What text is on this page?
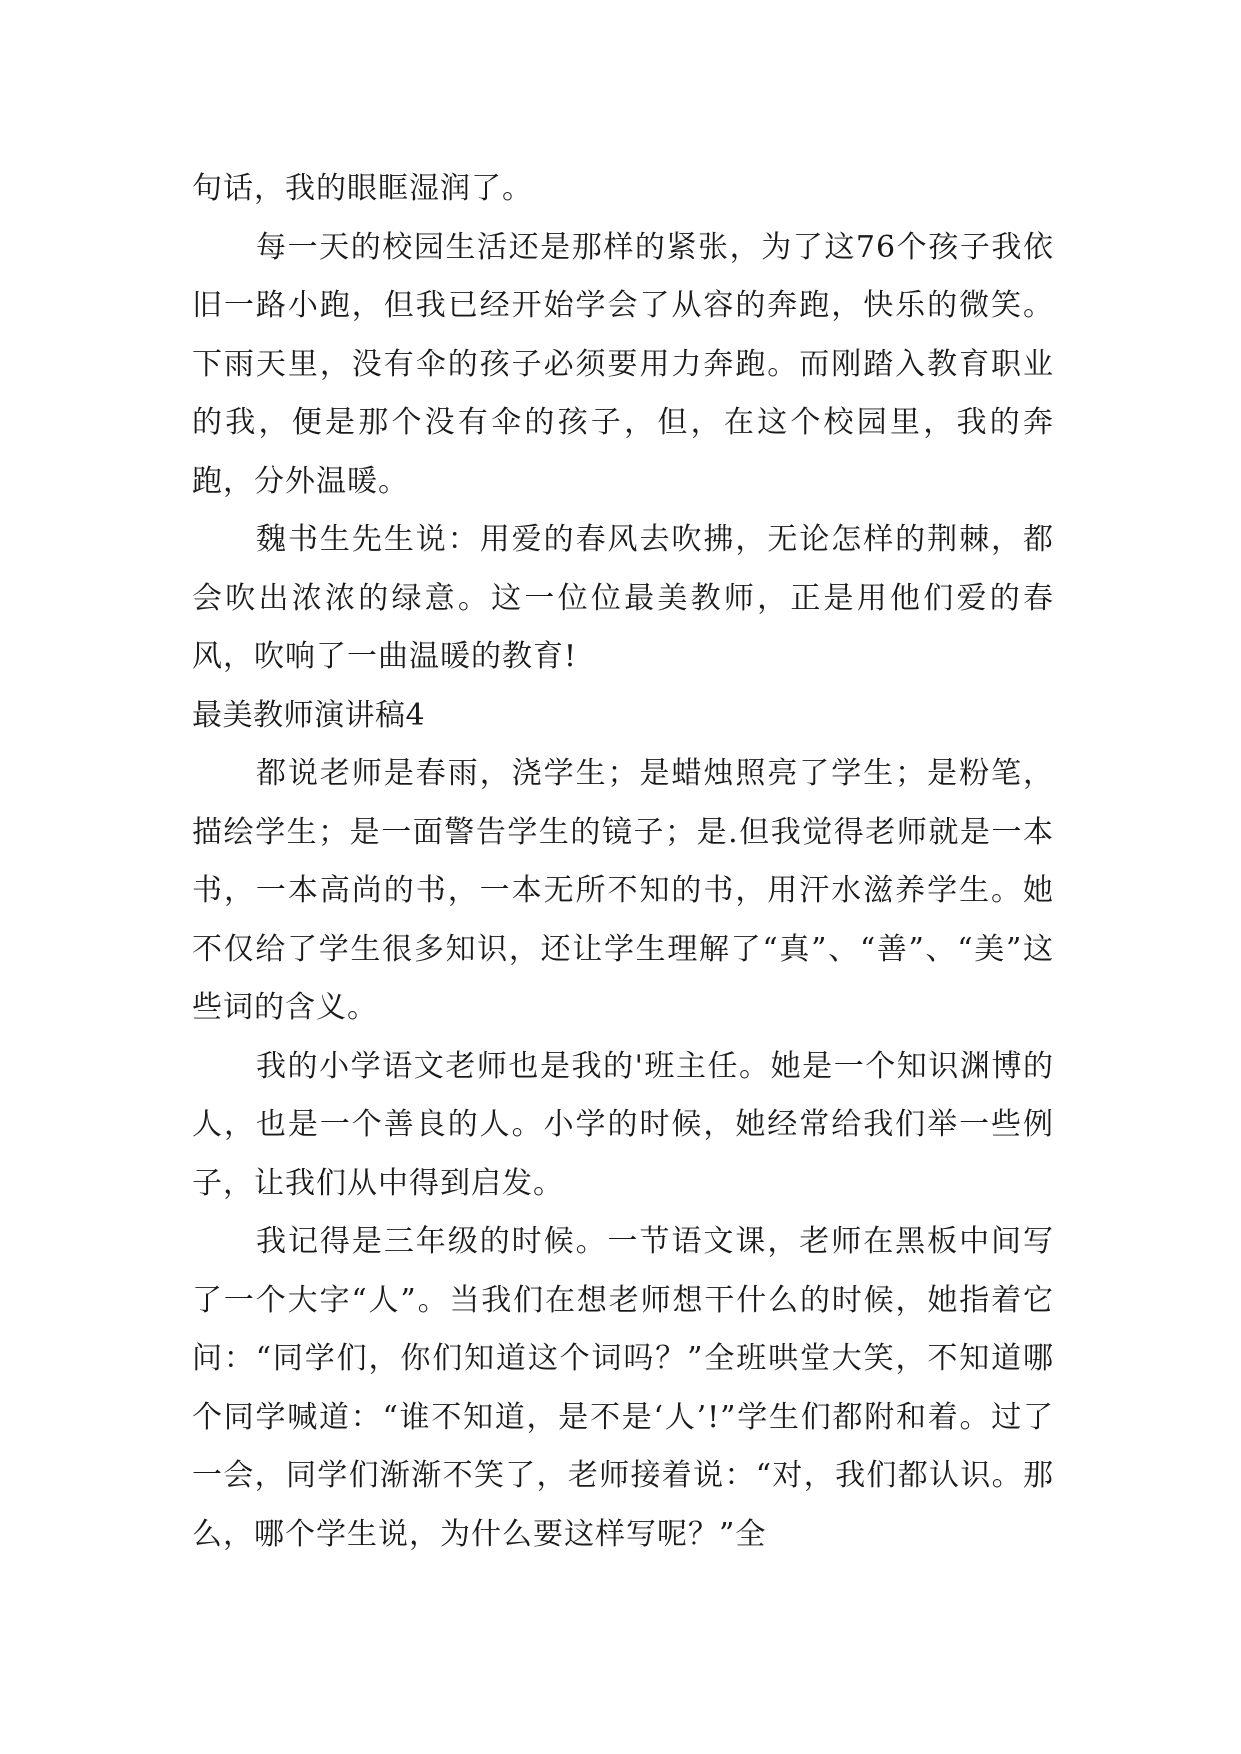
句话，我的眼眶湿润了。

每一天的校园生活还是那样的紧张，为了这76个孩子我依旧一路小跑，但我已经开始学会了从容的奔跑，快乐的微笑。下雨天里，没有伞的孩子必须要用力奔跑。而刚踏入教育职业的我，便是那个没有伞的孩子，但，在这个校园里，我的奔跑，分外温暖。

魏书生先生说：用爱的春风去吹拂，无论怎样的荆棘，都会吹出浓浓的绿意。这一位位最美教师，正是用他们爱的春风，吹响了一曲温暖的教育!

最美教师演讲稿4

都说老师是春雨，浇学生；是蜡烛照亮了学生；是粉笔，描绘学生；是一面警告学生的镜子；是.但我觉得老师就是一本书，一本高尚的书，一本无所不知的书，用汗水滋养学生。她不仅给了学生很多知识，还让学生理解了“真”、“善”、“美”这些词的含义。

我的小学语文老师也是我的'班主任。她是一个知识渊博的人，也是一个善良的人。小学的时候，她经常给我们举一些例子，让我们从中得到启发。

我记得是三年级的时候。一节语文课，老师在黑板中间写了一个大字“人”。当我们在想老师想干什么的时候，她指着它问：“同学们，你们知道这个词吗？”全班哄堂大笑，不知道哪个同学喊道：“谁不知道，是不是‘人’!”学生们都附和着。过了一会，同学们渐渐不笑了，老师接着说：“对，我们都认识。那么，哪个学生说，为什么要这样写呢？”全
